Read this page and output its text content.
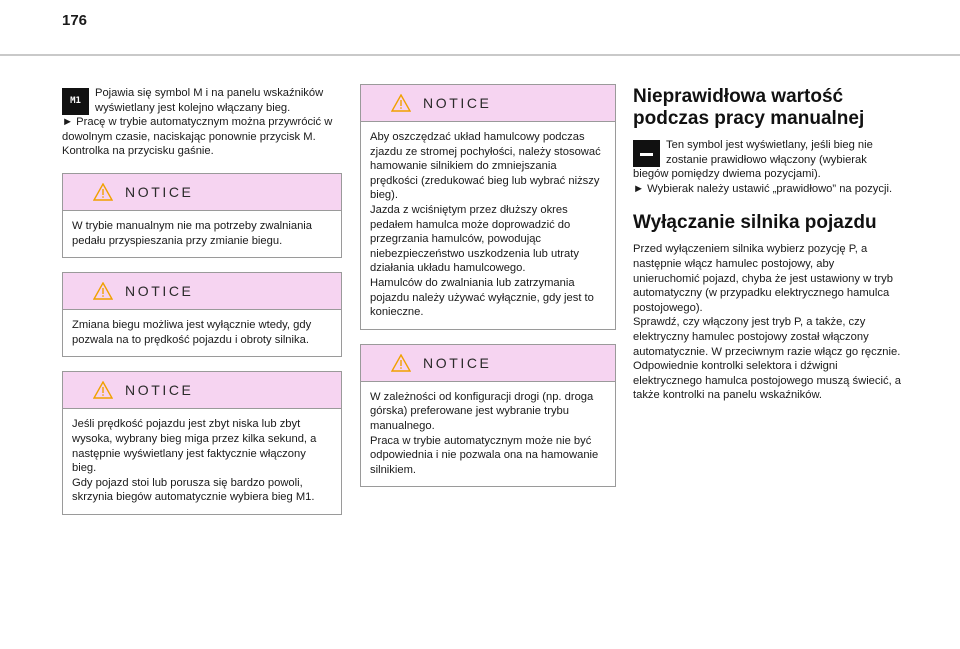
176
M1

Pojawia się symbol M i na panelu wskaźników wyświetlany jest kolejno włączany bieg.
► Pracę w trybie automatycznym można przywrócić w dowolnym czasie, naciskając ponownie przycisk M.
Kontrolka na przycisku gaśnie.

NOTICE
W trybie manualnym nie ma potrzeby zwalniania pedału przyspieszania przy zmianie biegu.
NOTICE
Zmiana biegu możliwa jest wyłącznie wtedy, gdy pozwala na to prędkość pojazdu i obroty silnika.
NOTICE
Jeśli prędkość pojazdu jest zbyt niska lub zbyt wysoka, wybrany bieg miga przez kilka sekund, a następnie wyświetlany jest faktycznie włączony bieg.
Gdy pojazd stoi lub porusza się bardzo powoli, skrzynia biegów automatycznie wybiera bieg M1.
NOTICE
Aby oszczędzać układ hamulcowy podczas zjazdu ze stromej pochyłości, należy stosować hamowanie silnikiem do zmniejszania prędkości (zredukować bieg lub wybrać niższy bieg).
Jazda z wciśniętym przez dłuższy okres pedałem hamulca może doprowadzić do przegrzania hamulców, powodując niebezpieczeństwo uszkodzenia lub utraty działania układu hamulcowego.
Hamulców do zwalniania lub zatrzymania pojazdu należy używać wyłącznie, gdy jest to konieczne.
NOTICE
W zależności od konfiguracji drogi (np. droga górska) preferowane jest wybranie trybu manualnego.
Praca w trybie automatycznym może nie być odpowiednia i nie pozwala ona na hamowanie silnikiem.
Nieprawidłowa wartość podczas pracy manualnej

Ten symbol jest wyświetlany, jeśli bieg nie zostanie prawidłowo włączony (wybierak biegów pomiędzy dwiema pozycjami).
► Wybierak należy ustawić „prawidłowo” na pozycji.

Wyłączanie silnika pojazdu

Przed wyłączeniem silnika wybierz pozycję P, a następnie włącz hamulec postojowy, aby unieruchomić pojazd, chyba że jest ustawiony w tryb automatyczny (w przypadku elektrycznego hamulca postojowego).
Sprawdź, czy włączony jest tryb P, a także, czy elektryczny hamulec postojowy został włączony automatycznie. W przeciwnym razie włącz go ręcznie.
Odpowiednie kontrolki selektora i dźwigni elektrycznego hamulca postojowego muszą świecić, a także kontrolki na panelu wskaźników.
